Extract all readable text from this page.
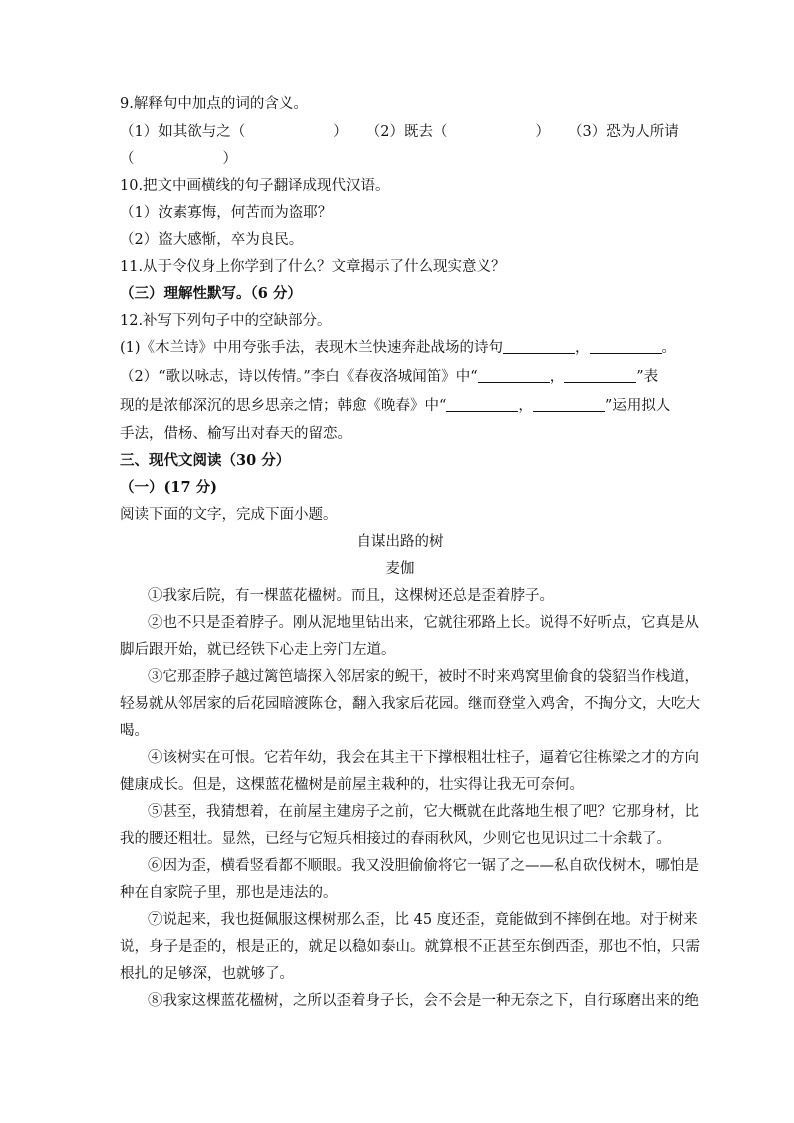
9.解释句中加点的词的含义。
（1）如其欲与之（	） （2）既去（	） （3）恐为人所请
（	）
10.把文中画横线的句子翻译成现代汉语。
（1）汝素寡悔，何苦而为盗耶？
（2）盗大感惭，卒为良民。
11.从于令仪身上你学到了什么？文章揭示了什么现实意义？
（三）理解性默写。（6 分）
12.补写下列句子中的空缺部分。
(1)《木兰诗》中用夸张手法，表现木兰快速奔赴战场的诗句	，	。
（2）“歌以咏志，诗以传情。”李白《春夜洛城闻笛》中“	，	”表
现的是浓郁深沉的思乡思亲之情；韩愈《晚春》中“	，	”运用拟人
手法，借杨、榆写出对春天的留恋。
三、现代文阅读（30 分）
（一）(17 分)
阅读下面的文字，完成下面小题。
自谋出路的树
麦伽
①我家后院，有一棵蓝花楹树。而且，这棵树还总是歪着脖子。
②也不只是歪着脖子。刚从泥地里钻出来，它就往邪路上长。说得不好听点，它真是从
脚后跟开始，就已经铁下心走上旁门左道。
③它那歪脖子越过篱笆墙探入邻居家的鲵干，被时不时来鸡窝里偷食的袋貂当作栈道，
轻易就从邻居家的后花园暗渡陈仓，翻入我家后花园。继而登堂入鸡舍，不掏分文，大吃大
喝。
④该树实在可恨。它若年幼，我会在其主干下撑根粗壮柱子，逼着它往栋梁之才的方向
健康成长。但是，这棵蓝花楹树是前屋主栽种的，壮实得让我无可奈何。
⑤甚至，我猜想着，在前屋主建房子之前，它大概就在此落地生根了吧？它那身材，比
我的腰还粗壮。显然，已经与它短兵相接过的春雨秋风，少则它也见识过二十余载了。
⑥因为歪，横看竖看都不顺眼。我又没胆偷偷将它一锯了之——私自砍伐树木，哪怕是
种在自家院子里，那也是违法的。
⑦说起来，我也挺佩服这棵树那么歪，比 45 度还歪，竟能做到不摔倒在地。对于树来
说，身子是歪的，根是正的，就足以稳如泰山。就算根不正甚至东倒西歪，那也不怕，只需
根扎的足够深，也就够了。
⑧我家这棵蓝花楹树，之所以歪着身子长，会不会是一种无奈之下，自行琢磨出来的绝
